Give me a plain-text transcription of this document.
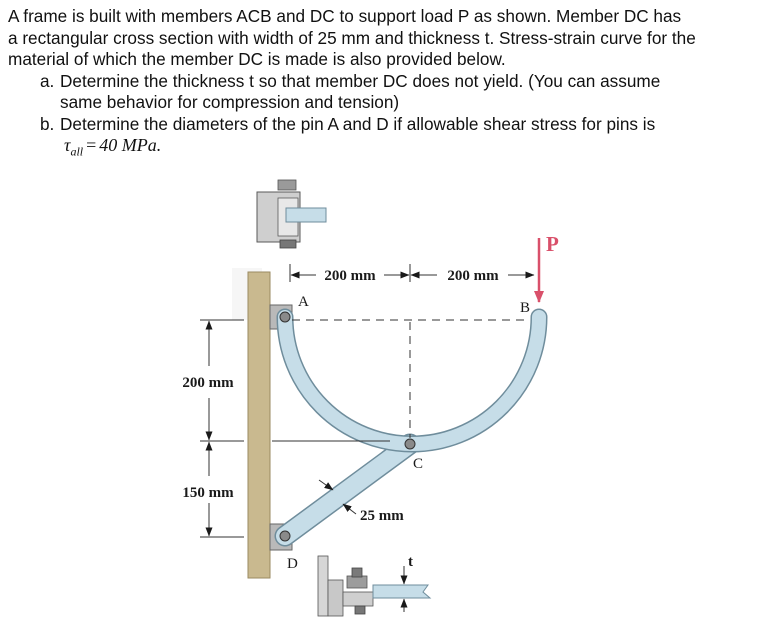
A frame is built with members ACB and DC to support load P as shown. Member DC has

a rectangular cross section with width of 25 mm and thickness t. Stress-strain curve for the

material of which the member DC is made is also provided below.

a. Determine the thickness t so that member DC does not yield. (You can assume

same behavior for compression and tension)

b. Determine the diameters of the pin A and D if allowable shear stress for pins is

$\tau_{all} = 40$ MPa.

200 mm	200 mm
200 mm
150 mm
25 mm
P
A	B
C
D	t
